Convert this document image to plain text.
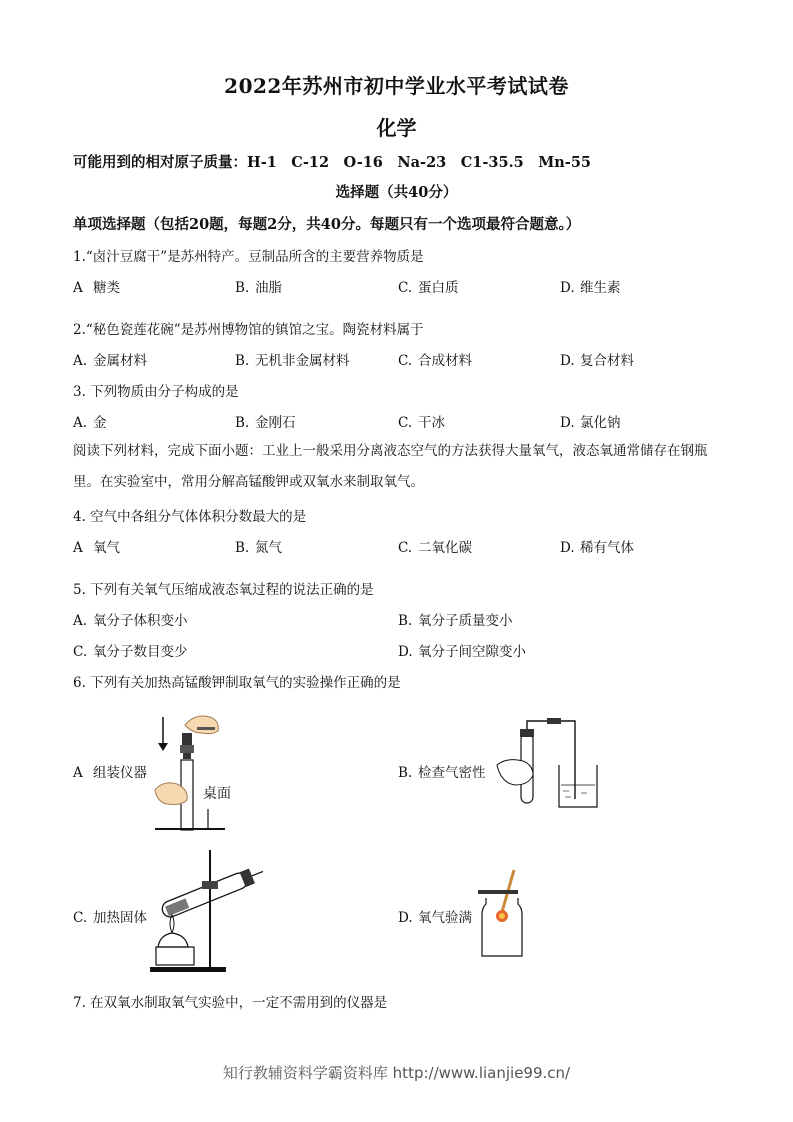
2022年苏州市初中学业水平考试试卷
化学
可能用到的相对原子质量：H-1　C-12　O-16　Na-23　C1-35.5　Mn-55
选择题（共40分）
单项选择题（包括20题，每题2分，共40分。每题只有一个选项最符合题意。）
1.“卤汁豆腐干”是苏州特产。豆制品所含的主要营养物质是
A 糖类	B. 油脂	C. 蛋白质	D. 维生素
2.“秘色瓷莲花碗”是苏州博物馆的镇馆之宝。陶瓷材料属于
A. 金属材料	B. 无机非金属材料	C. 合成材料	D. 复合材料
3. 下列物质由分子构成的是
A. 金	B. 金刚石	C. 干冰	D. 氯化钠
阅读下列材料，完成下面小题：工业上一般采用分离液态空气的方法获得大量氧气，液态氧通常储存在钢瓶里。在实验室中，常用分解高锰酸钾或双氧水来制取氧气。
4. 空气中各组分气体体积分数最大的是
A 氧气	B. 氮气	C. 二氧化碳	D. 稀有气体
5. 下列有关氧气压缩成液态氧过程的说法正确的是
A. 氧分子体积变小	B. 氧分子质量变小
C. 氧分子数目变少	D. 氧分子间空隙变小
6. 下列有关加热高锰酸钾制取氧气的实验操作正确的是
A 组装仪器	B. 检查气密性
C. 加热固体	D. 氧气验满
桌面
7. 在双氧水制取氧气实验中，一定不需用到的仪器是
知行教辅资料学霸资料库 http://www.lianjie99.cn/
